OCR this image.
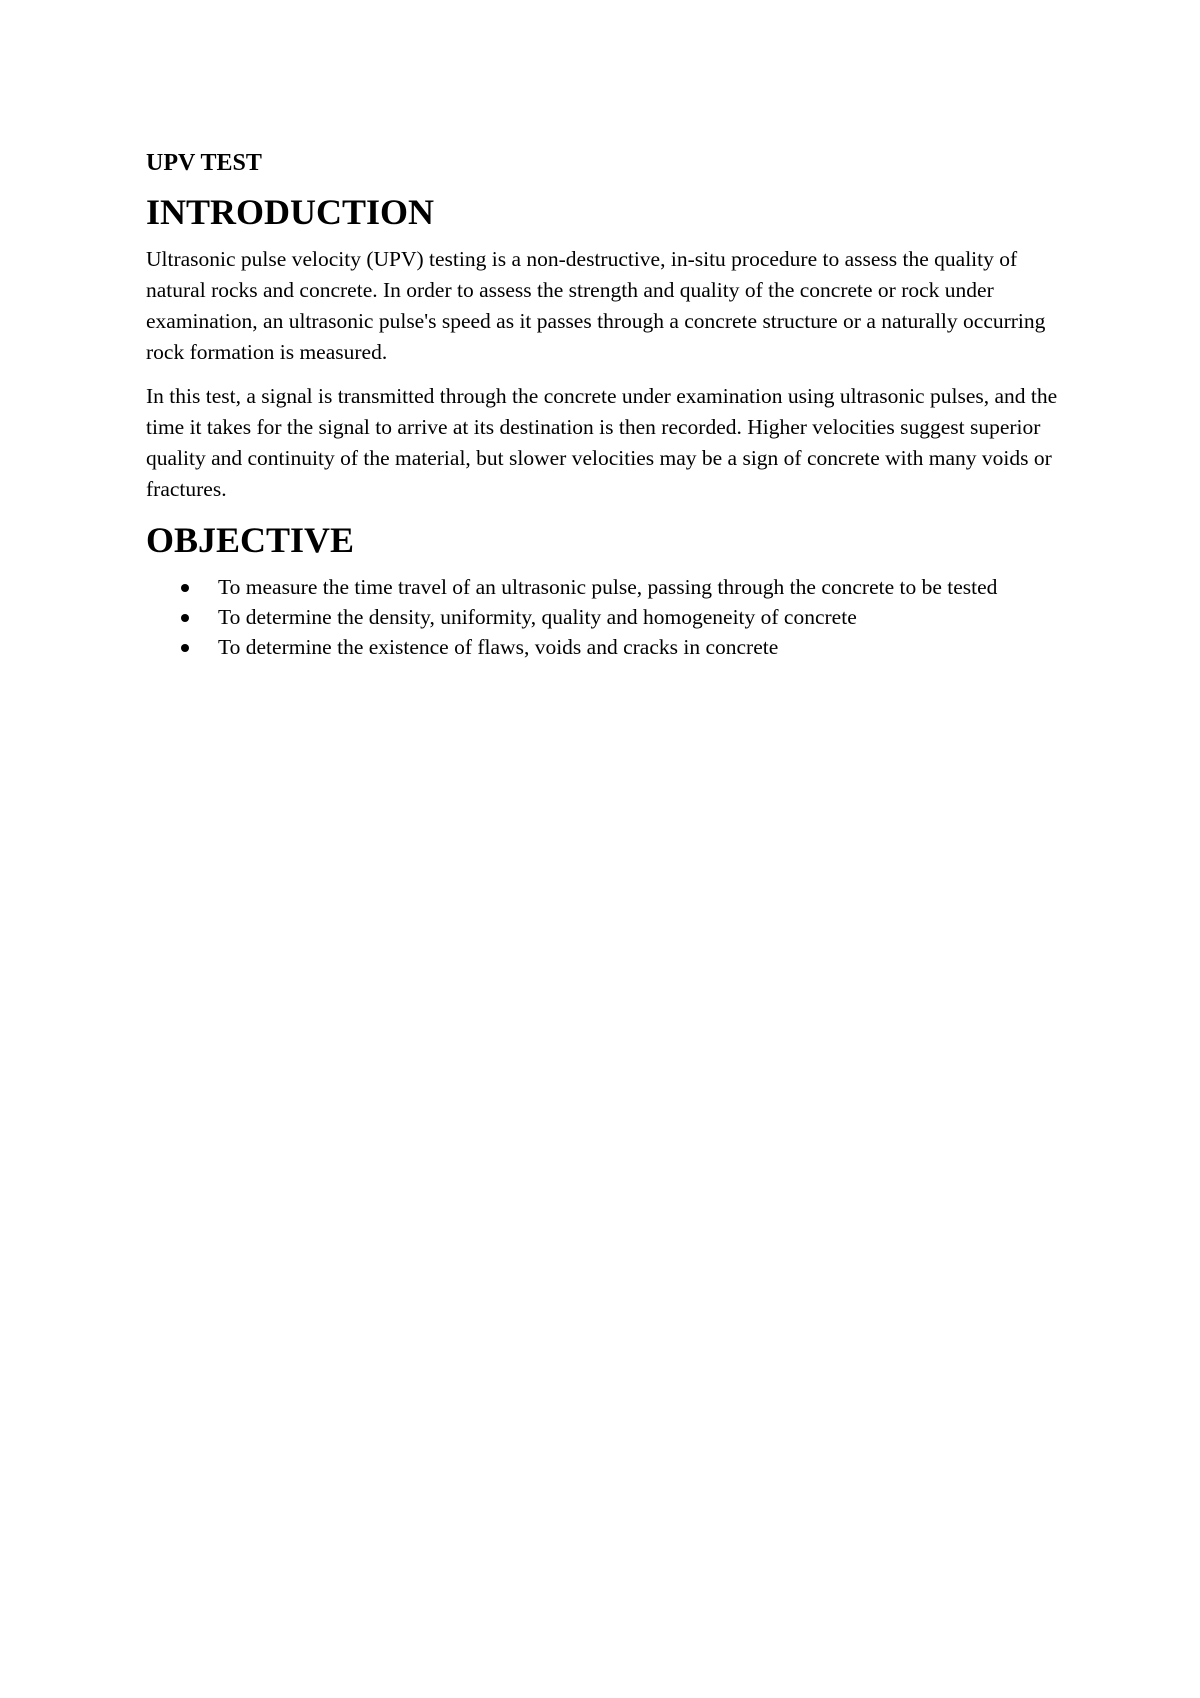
UPV TEST
INTRODUCTION

Ultrasonic pulse velocity (UPV) testing is a non-destructive, in-situ procedure to assess the quality of natural rocks and concrete. In order to assess the strength and quality of the concrete or rock under examination, an ultrasonic pulse's speed as it passes through a concrete structure or a naturally occurring rock formation is measured.

In this test, a signal is transmitted through the concrete under examination using ultrasonic pulses, and the time it takes for the signal to arrive at its destination is then recorded. Higher velocities suggest superior quality and continuity of the material, but slower velocities may be a sign of concrete with many voids or fractures.

OBJECTIVE
To measure the time travel of an ultrasonic pulse, passing through the concrete to be tested
To determine the density, uniformity, quality and homogeneity of concrete
To determine the existence of flaws, voids and cracks in concrete
